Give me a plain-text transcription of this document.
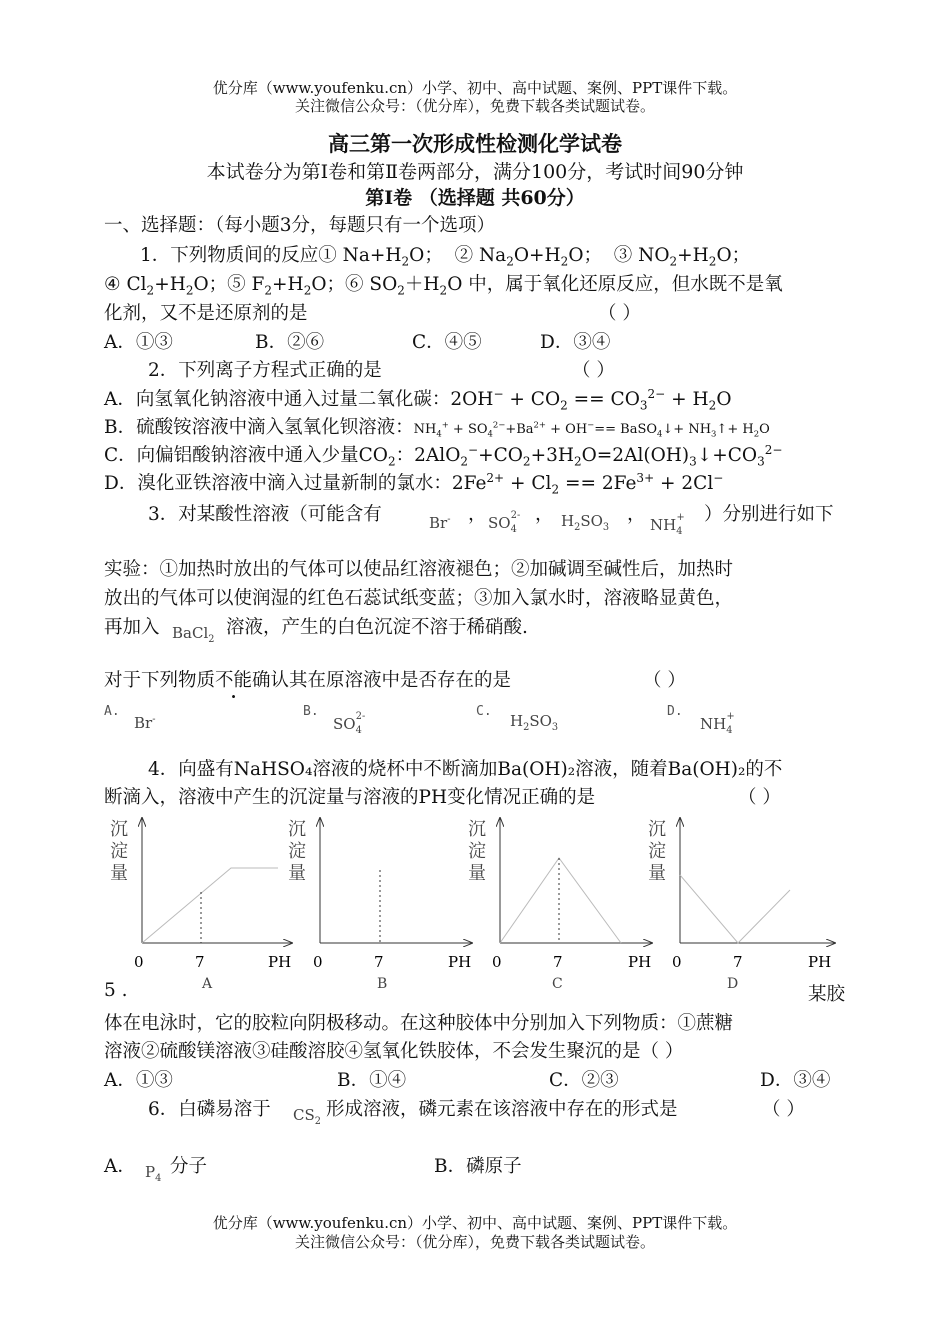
优分库（www.youfenku.cn）小学、初中、高中试题、案例、PPT课件下载。
关注微信公众号：（优分库），免费下载各类试题试卷。
高三第一次形成性检测化学试卷
本试卷分为第Ⅰ卷和第Ⅱ卷两部分，满分100分，考试时间90分钟
第Ⅰ卷 （选择题 共60分）
一、选择题：（每小题3分，每题只有一个选项）
1．下列物质间的反应① $Na+H_2O$；  ② $Na_2O+H_2O$；  ③ $NO_2+H_2O$；
④ $Cl_2+H_2O$；⑤ $F_2+H_2O$；⑥ $SO_2+H_2O$ 中，属于氧化还原反应，但水既不是氧
化剂，又不是还原剂的是	（ ）
A．①③	B．②⑥	C．④⑤	D．③④
2．下列离子方程式正确的是	（ ）
A．向氢氧化钠溶液中通入过量二氧化碳：$2OH^- + CO_2 == CO_3^{2-} + H_2O$
B．硫酸铵溶液中滴入氢氧化钡溶液：$NH_4^+ + SO_4^{2-}+Ba^{2+} + OH^-==$ BaSO$_4$↓+ $NH_3↑+ H_2O$
C．向偏铝酸钠溶液中通入少量$CO_2$：$2AlO_2^-+CO_2+3H_2O=2Al(OH)_3↓+CO_3^{2-}$
D．溴化亚铁溶液中滴入过量新制的氯水：$2Fe^{2+} + Cl_2 == 2Fe^{3+} + 2Cl^-$
3．对某酸性溶液（可能含有	Br- ， $SO_4^{2-}$ ， $H_2SO_3$
， $NH_4^+$ ）分别进行如下
实验：①加热时放出的气体可以使品红溶液褪色；②加碱调至碱性后，加热时
放出的气体可以使润湿的红色石蕊试纸变蓝；③加入氯水时，溶液略显黄色，
再加入 BaCl$_2$
溶液，产生的白色沉淀不溶于稀硝酸.
对于下列物质不能确认其在原溶液中是否存在的是	（ ）
A.
Br-
B.
$SO_4^{2-}$	C.
$H_2SO_3$
D.
$NH_4^+$
4．向盛有NaHSO₄溶液的烧杯中不断滴加Ba(OH)₂溶液，随着Ba(OH)₂的不
断滴入，溶液中产生的沉淀量与溶液的PH变化情况正确的是	（ ）
沉
淀
量
0	7	PH
A
沉
淀
量
0	7	PH
B
沉
淀
量
0	7	PH
C
沉
淀
量
0	7	PH
D
5 .	某胶
体在电泳时，它的胶粒向阴极移动。在这种胶体中分别加入下列物质：①蔗糖
溶液②硫酸镁溶液③硅酸溶胶④氢氧化铁胶体，不会发生聚沉的是（ ）
A．①③	B．①④	C．②③	D．③④
6．白磷易溶于 $CS_2$
形成溶液，磷元素在该溶液中存在的形式是	（ ）
A． $P_4$
分子	B．磷原子
优分库（www.youfenku.cn）小学、初中、高中试题、案例、PPT课件下载。
关注微信公众号：（优分库），免费下载各类试题试卷。
